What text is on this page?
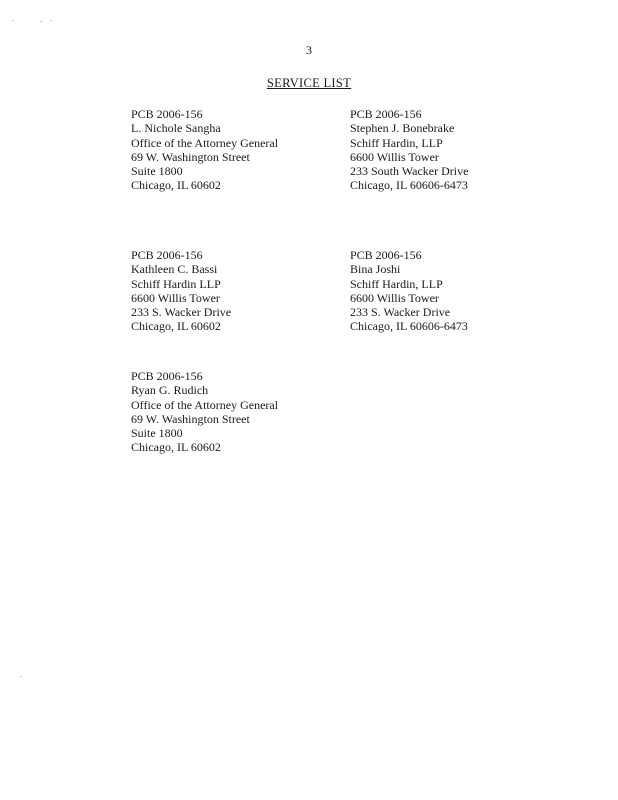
3
SERVICE LIST
PCB 2006-156
L. Nichole Sangha
Office of the Attorney General
69 W. Washington Street
Suite 1800
Chicago, IL 60602
PCB 2006-156
Stephen J. Bonebrake
Schiff Hardin, LLP
6600 Willis Tower
233 South Wacker Drive
Chicago, IL 60606-6473
PCB 2006-156
Kathleen C. Bassi
Schiff Hardin LLP
6600 Willis Tower
233 S. Wacker Drive
Chicago, IL 60602
PCB 2006-156
Bina Joshi
Schiff Hardin, LLP
6600 Willis Tower
233 S. Wacker Drive
Chicago, IL 60606-6473
PCB 2006-156
Ryan G. Rudich
Office of the Attorney General
69 W. Washington Street
Suite 1800
Chicago, IL 60602
